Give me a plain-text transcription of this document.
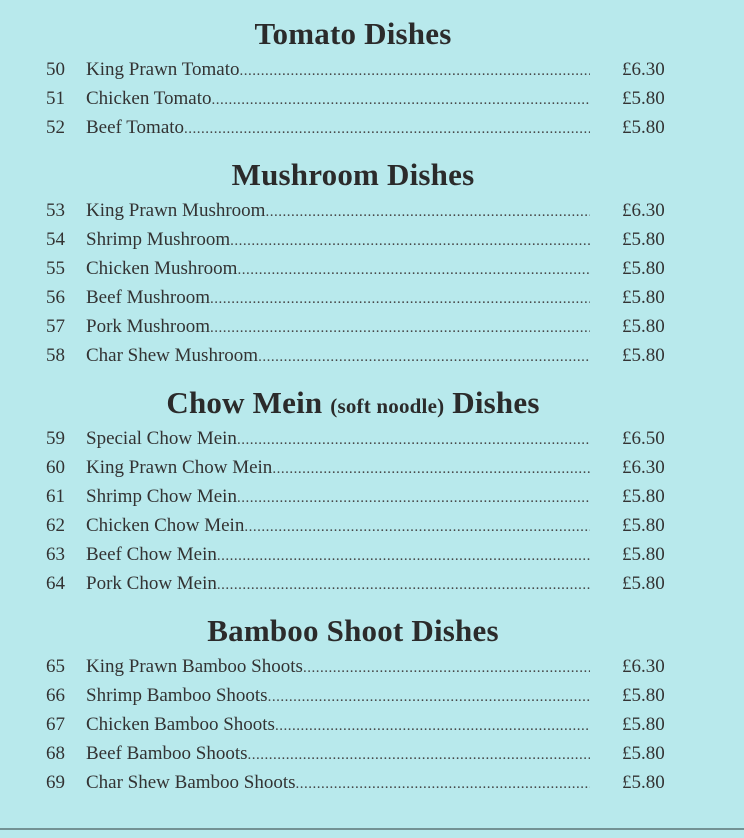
Tomato Dishes
50	King Prawn Tomato .....	£6.30
51	Chicken Tomato .....	£5.80
52	Beef Tomato .....	£5.80
Mushroom Dishes
53	King Prawn Mushroom .....	£6.30
54	Shrimp Mushroom .....	£5.80
55	Chicken Mushroom .....	£5.80
56	Beef Mushroom .....	£5.80
57	Pork Mushroom .....	£5.80
58	Char Shew Mushroom .....	£5.80
Chow Mein (soft noodle) Dishes
59	Special Chow Mein .....	£6.50
60	King Prawn Chow Mein .....	£6.30
61	Shrimp Chow Mein .....	£5.80
62	Chicken Chow Mein .....	£5.80
63	Beef Chow Mein .....	£5.80
64	Pork Chow Mein .....	£5.80
Bamboo Shoot Dishes
65	King Prawn Bamboo Shoots .....	£6.30
66	Shrimp Bamboo Shoots .....	£5.80
67	Chicken Bamboo Shoots .....	£5.80
68	Beef Bamboo Shoots .....	£5.80
69	Char Shew Bamboo Shoots .....	£5.80
